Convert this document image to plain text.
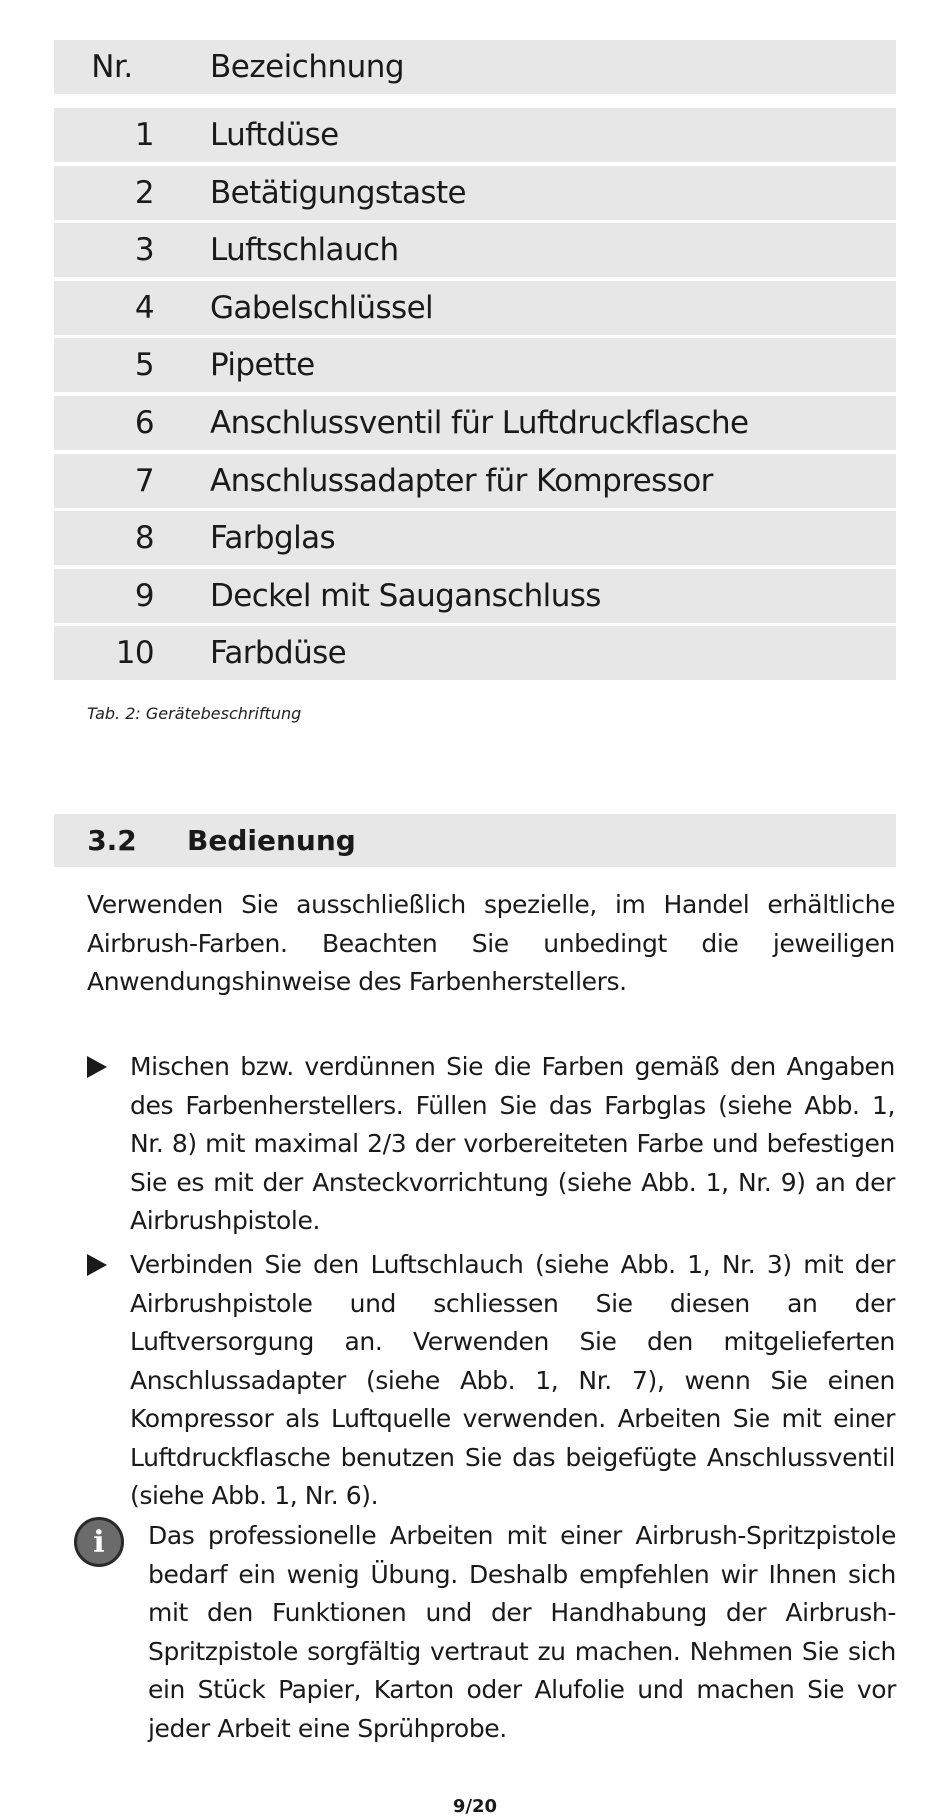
Nr.	Bezeichnung
1	Luftdüse
2	Betätigungstaste
3	Luftschlauch
4	Gabelschlüssel
5	Pipette
6	Anschlussventil für Luftdruckflasche
7	Anschlussadapter für Kompressor
8	Farbglas
9	Deckel mit Sauganschluss
10	Farbdüse
Tab. 2: Gerätebeschriftung
3.2	Bedienung
Verwenden Sie ausschließlich spezielle, im Handel erhältliche Airbrush-Farben. Beachten Sie unbedingt die jeweiligen Anwendungshinweise des Farbenherstellers.
Mischen bzw. verdünnen Sie die Farben gemäß den Angaben des Farbenherstellers. Füllen Sie das Farbglas (siehe Abb. 1, Nr. 8) mit maximal 2/3 der vorbereiteten Farbe und befestigen Sie es mit der Ansteckvorrichtung (siehe Abb. 1, Nr. 9) an der Airbrushpistole.
Verbinden Sie den Luftschlauch (siehe Abb. 1, Nr. 3) mit der Airbrushpistole und schliessen Sie diesen an der Luftversorgung an. Verwenden Sie den mitgelieferten Anschlussadapter (siehe Abb. 1, Nr. 7), wenn Sie einen Kompressor als Luftquelle verwenden. Arbeiten Sie mit einer Luftdruckflasche benutzen Sie das beigefügte Anschlussventil (siehe Abb. 1, Nr. 6).
i	Das professionelle Arbeiten mit einer Airbrush-Spritzpistole bedarf ein wenig Übung. Deshalb empfehlen wir Ihnen sich mit den Funktionen und der Handhabung der Airbrush-Spritzpistole sorgfältig vertraut zu machen. Nehmen Sie sich ein Stück Papier, Karton oder Alufolie und machen Sie vor jeder Arbeit eine Sprühprobe.
9/20
